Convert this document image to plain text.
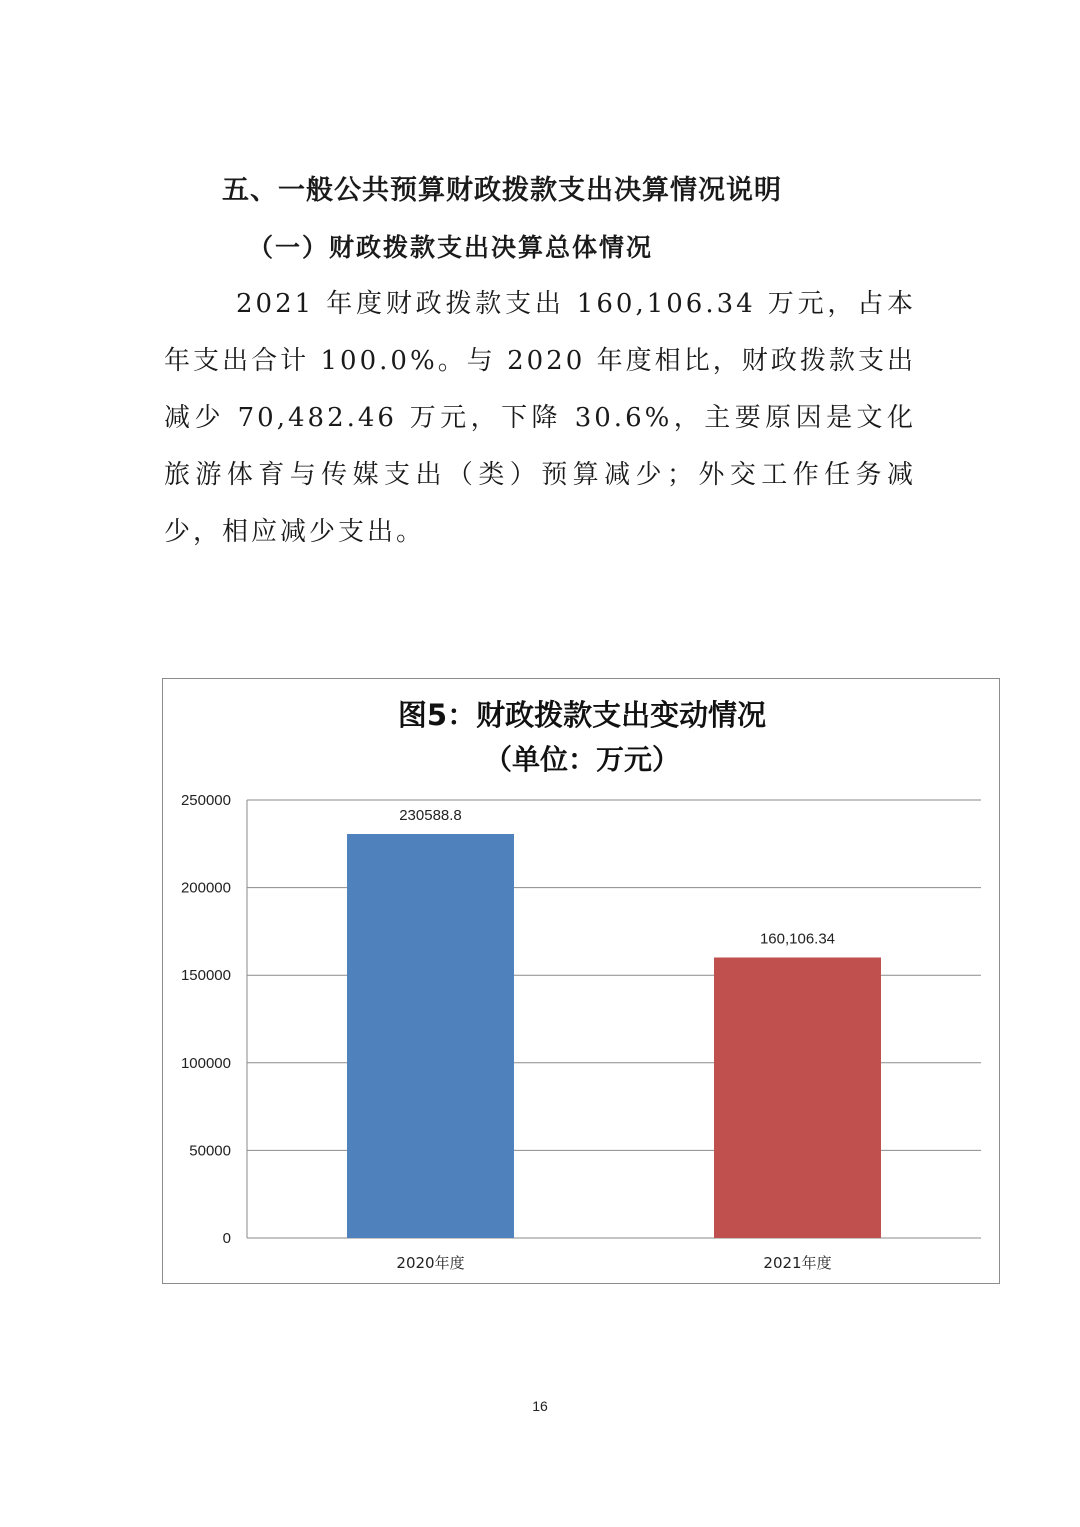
五、一般公共预算财政拨款支出决算情况说明
（一）财政拨款支出决算总体情况

2021 年度财政拨款支出 160,106.34 万元，占本年支出合计 100.0%。与 2020 年度相比，财政拨款支出减少 70,482.46 万元，下降 30.6%，主要原因是文化旅游体育与传媒支出（类）预算减少；外交工作任务减少，相应减少支出。

图5：财政拨款支出变动情况
（单位：万元）
0
50000
100000
150000
200000
250000
230588.8
160,106.34
2020年度	2021年度
16
